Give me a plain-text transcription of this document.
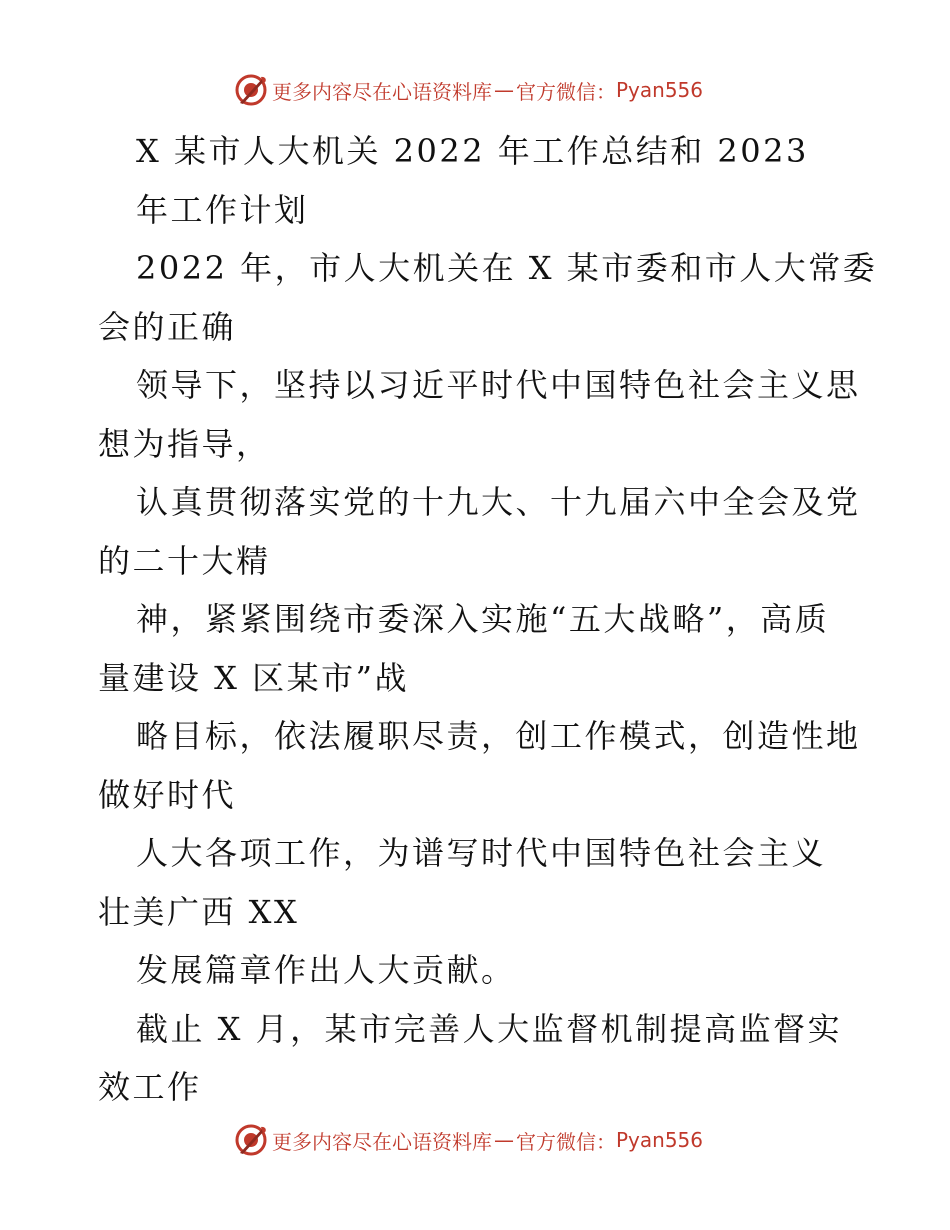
更多内容尽在心语资料库 — 官方微信： Pyan556
X 某市人大机关 2022 年工作总结和 2023
年工作计划
2022 年，市人大机关在 X 某市委和市人大常委
会的正确
领导下，坚持以习近平时代中国特色社会主义思
想为指导，
认真贯彻落实党的十九大、十九届六中全会及党
的二十大精
神，紧紧围绕市委深入实施“五大战略”，高质
量建设 X 区某市”战
略目标，依法履职尽责，创工作模式，创造性地
做好时代
人大各项工作，为谱写时代中国特色社会主义
壮美广西 XX
发展篇章作出人大贡献。
截止 X 月，某市完善人大监督机制提高监督实
效工作
更多内容尽在心语资料库 — 官方微信： Pyan556
